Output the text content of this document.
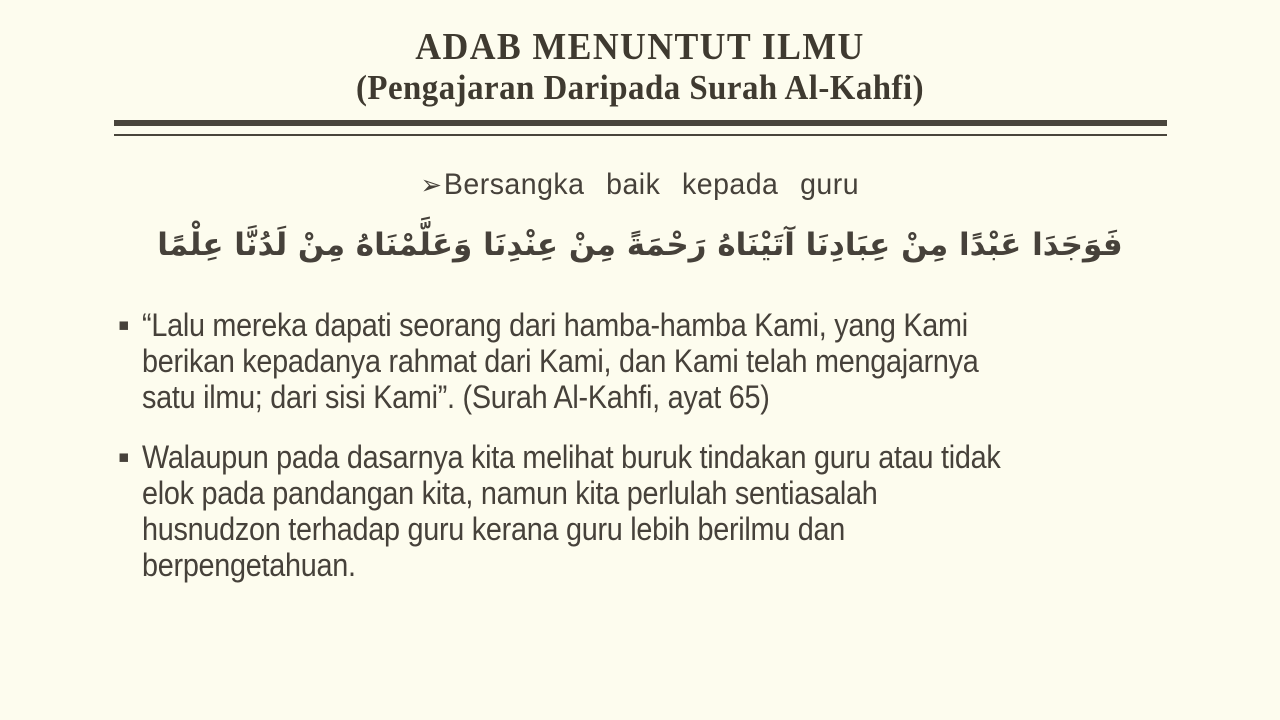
ADAB MENUNTUT ILMU
(Pengajaran Daripada Surah Al-Kahfi)
➢Bersangka baik kepada guru
فَوَجَدَا عَبْدًا مِنْ عِبَادِنَا آتَيْنَاهُ رَحْمَةً مِنْ عِنْدِنَا وَعَلَّمْنَاهُ مِنْ لَدُنَّا عِلْمًا
▪ “Lalu mereka dapati seorang dari hamba-hamba Kami, yang Kami
berikan kepadanya rahmat dari Kami, dan Kami telah mengajarnya
satu ilmu; dari sisi Kami”. (Surah Al-Kahfi, ayat 65)
▪ Walaupun pada dasarnya kita melihat buruk tindakan guru atau tidak
elok pada pandangan kita, namun kita perlulah sentiasalah
husnudzon terhadap guru kerana guru lebih berilmu dan
berpengetahuan.
